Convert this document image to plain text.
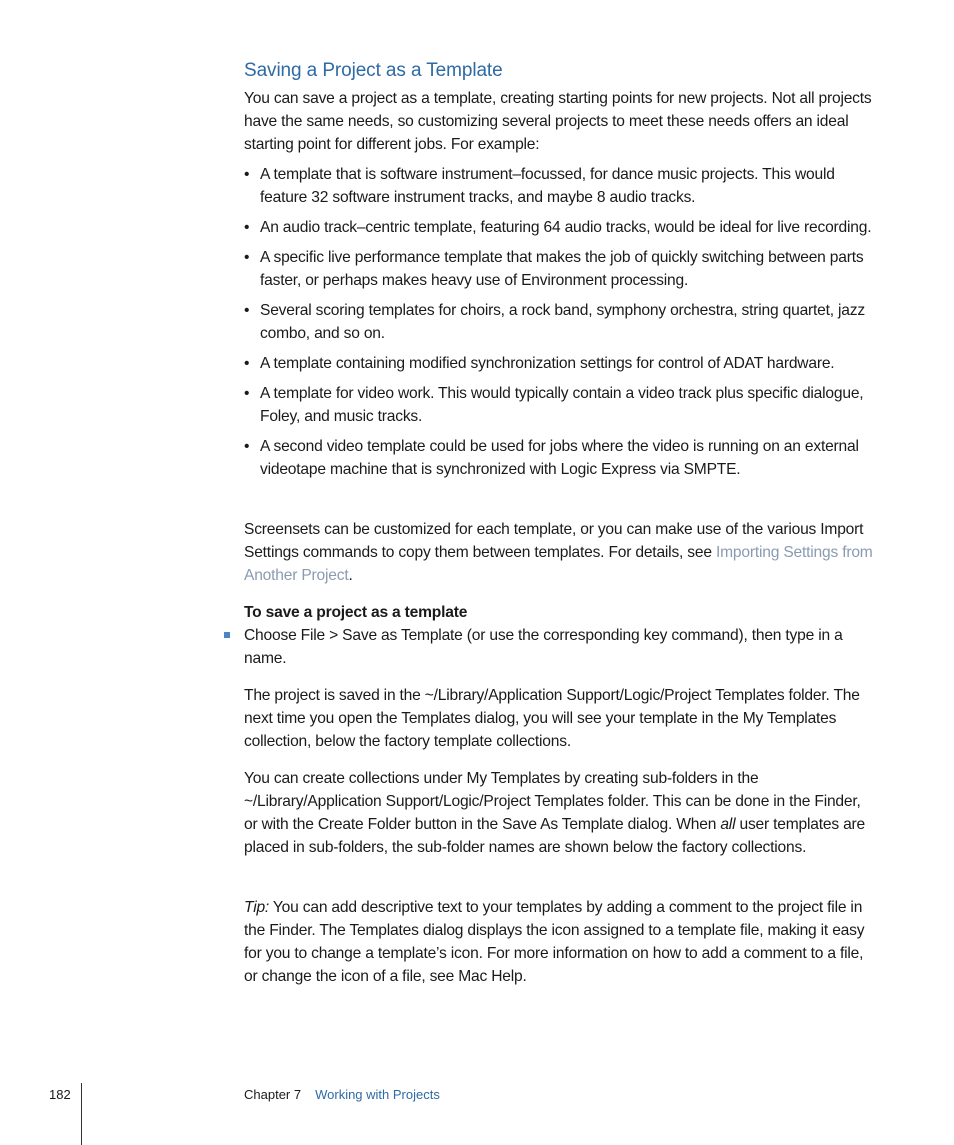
Saving a Project as a Template

You can save a project as a template, creating starting points for new projects. Not all projects have the same needs, so customizing several projects to meet these needs offers an ideal starting point for different jobs. For example:

• A template that is software instrument–focussed, for dance music projects. This would feature 32 software instrument tracks, and maybe 8 audio tracks.
• An audio track–centric template, featuring 64 audio tracks, would be ideal for live recording.
• A specific live performance template that makes the job of quickly switching between parts faster, or perhaps makes heavy use of Environment processing.
• Several scoring templates for choirs, a rock band, symphony orchestra, string quartet, jazz combo, and so on.
• A template containing modified synchronization settings for control of ADAT hardware.
• A template for video work. This would typically contain a video track plus specific dialogue, Foley, and music tracks.
• A second video template could be used for jobs where the video is running on an external videotape machine that is synchronized with Logic Express via SMPTE.

Screensets can be customized for each template, or you can make use of the various Import Settings commands to copy them between templates. For details, see Importing Settings from Another Project.

To save a project as a template

Choose File > Save as Template (or use the corresponding key command), then type in a name.

The project is saved in the ~/Library/Application Support/Logic/Project Templates folder. The next time you open the Templates dialog, you will see your template in the My Templates collection, below the factory template collections.

You can create collections under My Templates by creating sub-folders in the ~/Library/Application Support/Logic/Project Templates folder. This can be done in the Finder, or with the Create Folder button in the Save As Template dialog. When all user templates are placed in sub-folders, the sub-folder names are shown below the factory collections.

Tip: You can add descriptive text to your templates by adding a comment to the project file in the Finder. The Templates dialog displays the icon assigned to a template file, making it easy for you to change a template’s icon. For more information on how to add a comment to a file, or change the icon of a file, see Mac Help.

182	Chapter 7 Working with Projects
